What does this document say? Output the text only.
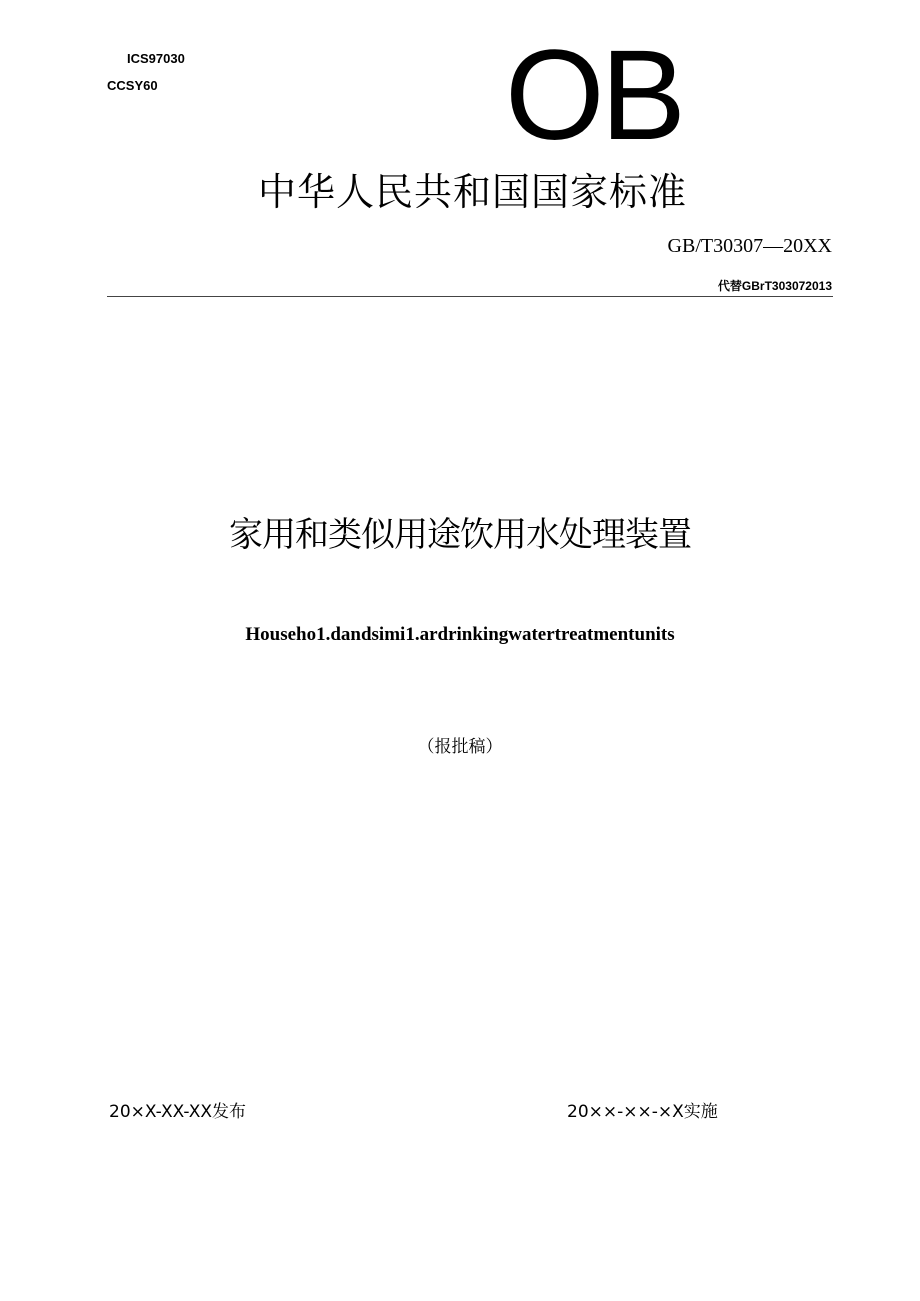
ICS97030
CCSY60	OB
中华人民共和国国家标准
GB/T30307—20XX
代替GBrT303072013
家用和类似用途饮用水处理装置
Househo1.dandsimi1.ardrinkingwatertreatmentunits
（报批稿）
20×X-XX-XX发布	20××-××-×X实施
